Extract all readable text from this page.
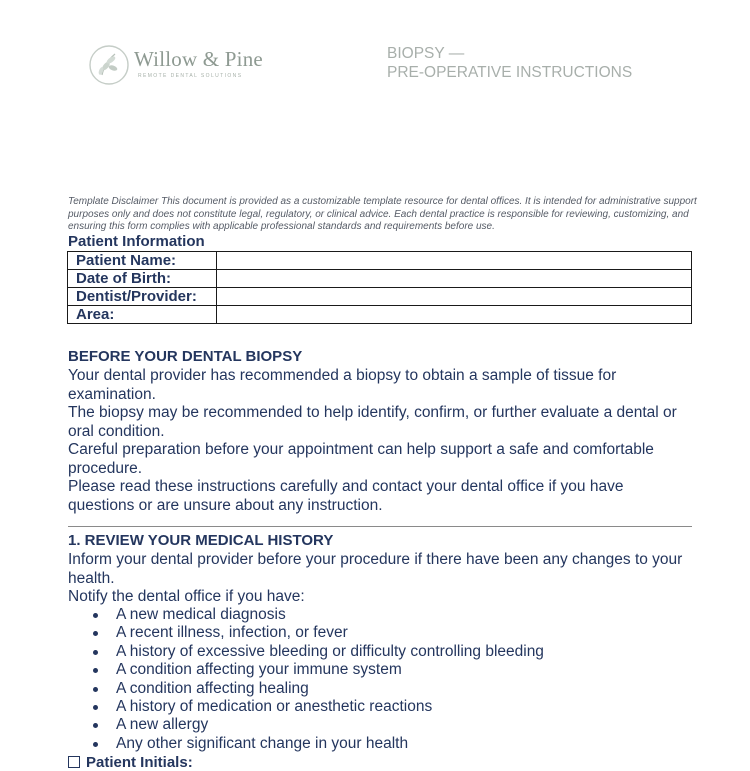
Willow & Pine
REMOTE DENTAL SOLUTIONS
BIOPSY —
PRE-OPERATIVE INSTRUCTIONS
Template Disclaimer This document is provided as a customizable template resource for dental offices. It is intended for administrative support purposes only and does not constitute legal, regulatory, or clinical advice. Each dental practice is responsible for reviewing, customizing, and ensuring this form complies with applicable professional standards and requirements before use.
Patient Information
Patient Name:	
Date of Birth:	
Dentist/Provider:	
Area:	
BEFORE YOUR DENTAL BIOPSY

Your dental provider has recommended a biopsy to obtain a sample of tissue for examination.

The biopsy may be recommended to help identify, confirm, or further evaluate a dental or oral condition.

Careful preparation before your appointment can help support a safe and comfortable procedure.

Please read these instructions carefully and contact your dental office if you have questions or are unsure about any instruction.

1. REVIEW YOUR MEDICAL HISTORY

Inform your dental provider before your procedure if there have been any changes to your health.

Notify the dental office if you have:

A new medical diagnosis
A recent illness, infection, or fever
A history of excessive bleeding or difficulty controlling bleeding
A condition affecting your immune system
A condition affecting healing
A history of medication or anesthetic reactions
A new allergy
Any other significant change in your health
Patient Initials:
